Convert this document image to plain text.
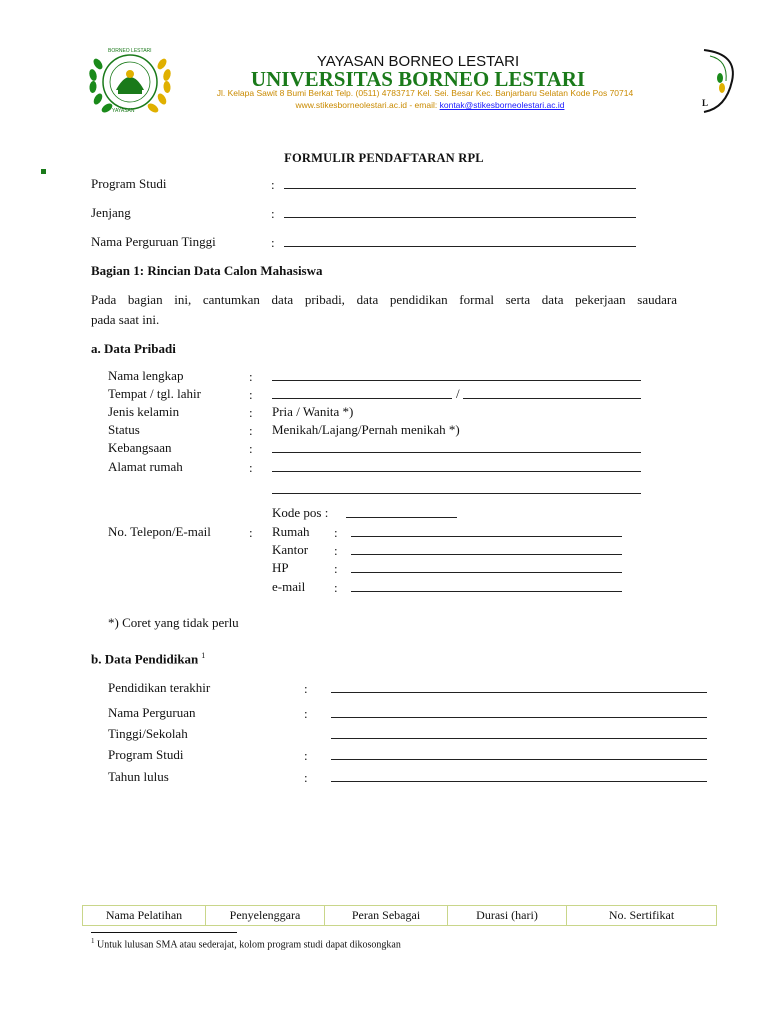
BORNEO LESTARI
YAYASAN
YAYASAN BORNEO LESTARI
UNIVERSITAS BORNEO LESTARI
Jl. Kelapa Sawit 8 Bumi Berkat Telp. (0511) 4783717 Kel. Sei. Besar Kec. Banjarbaru Selatan Kode Pos 70714
www.stikesborneolestari.ac.id - email: kontak@stikesborneolestari.ac.id	L
FORMULIR PENDAFTARAN RPL
Program Studi	:
Jenjang	:
Nama Perguruan Tinggi	:
Bagian 1: Rincian Data Calon Mahasiswa
Pada bagian ini, cantumkan data pribadi, data pendidikan formal serta data pekerjaan saudara
pada saat ini.
a. Data Pribadi
Nama lengkap	:
Tempat / tgl. lahir	:	/
Jenis kelamin	: Pria / Wanita *)
Status	: Menikah/Lajang/Pernah menikah *)
Kebangsaan	:
Alamat rumah	:
Kode pos :
No. Telepon/E-mail	: Rumah :
Kantor :
HP	:
e-mail :
*) Coret yang tidak perlu
b. Data Pendidikan $^1$
Pendidikan terakhir	:
Nama Perguruan	:
Tinggi/Sekolah
Program Studi	:
Tahun lulus	:
Nama Pelatihan	Penyelenggara	Peran Sebagai	Durasi (hari)	No. Sertifikat
$^1$ Untuk lulusan SMA atau sederajat, kolom program studi dapat dikosongkan
